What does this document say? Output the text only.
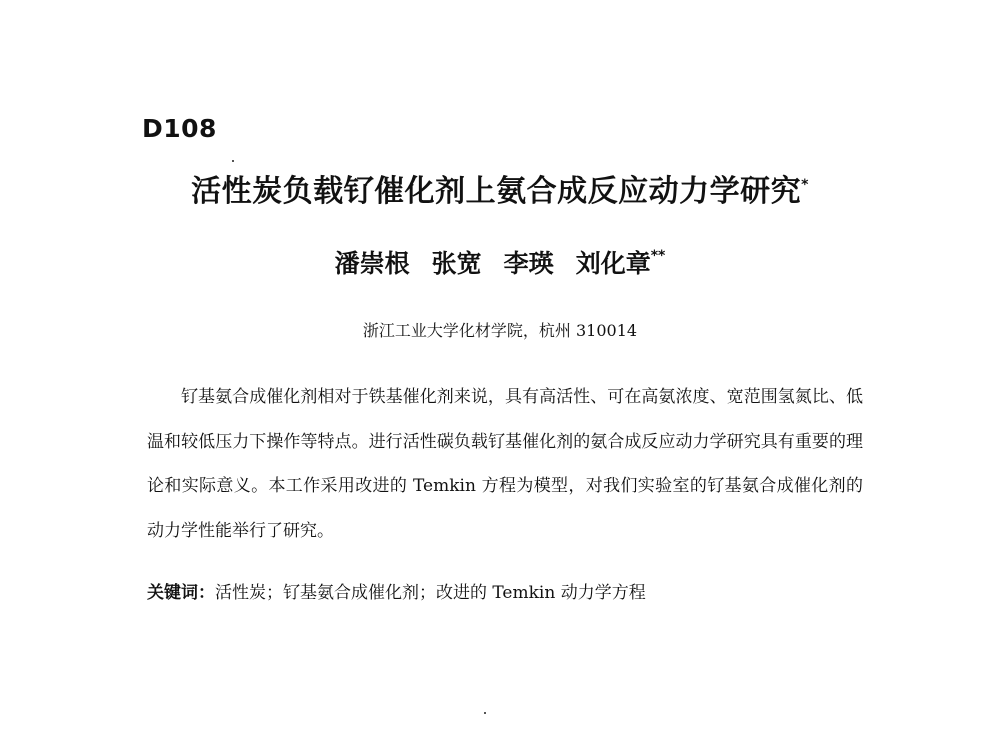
D108
活性炭负载钌催化剂上氨合成反应动力学研究*
潘崇根 张宽 李瑛 刘化章**
浙江工业大学化材学院，杭州 310014
钌基氨合成催化剂相对于铁基催化剂来说，具有高活性、可在高氨浓度、宽范围氢氮比、低温和较低压力下操作等特点。进行活性碳负载钌基催化剂的氨合成反应动力学研究具有重要的理论和实际意义。本工作采用改进的 Temkin 方程为模型，对我们实验室的钌基氨合成催化剂的动力学性能举行了研究。
关键词：活性炭；钌基氨合成催化剂；改进的 Temkin 动力学方程
